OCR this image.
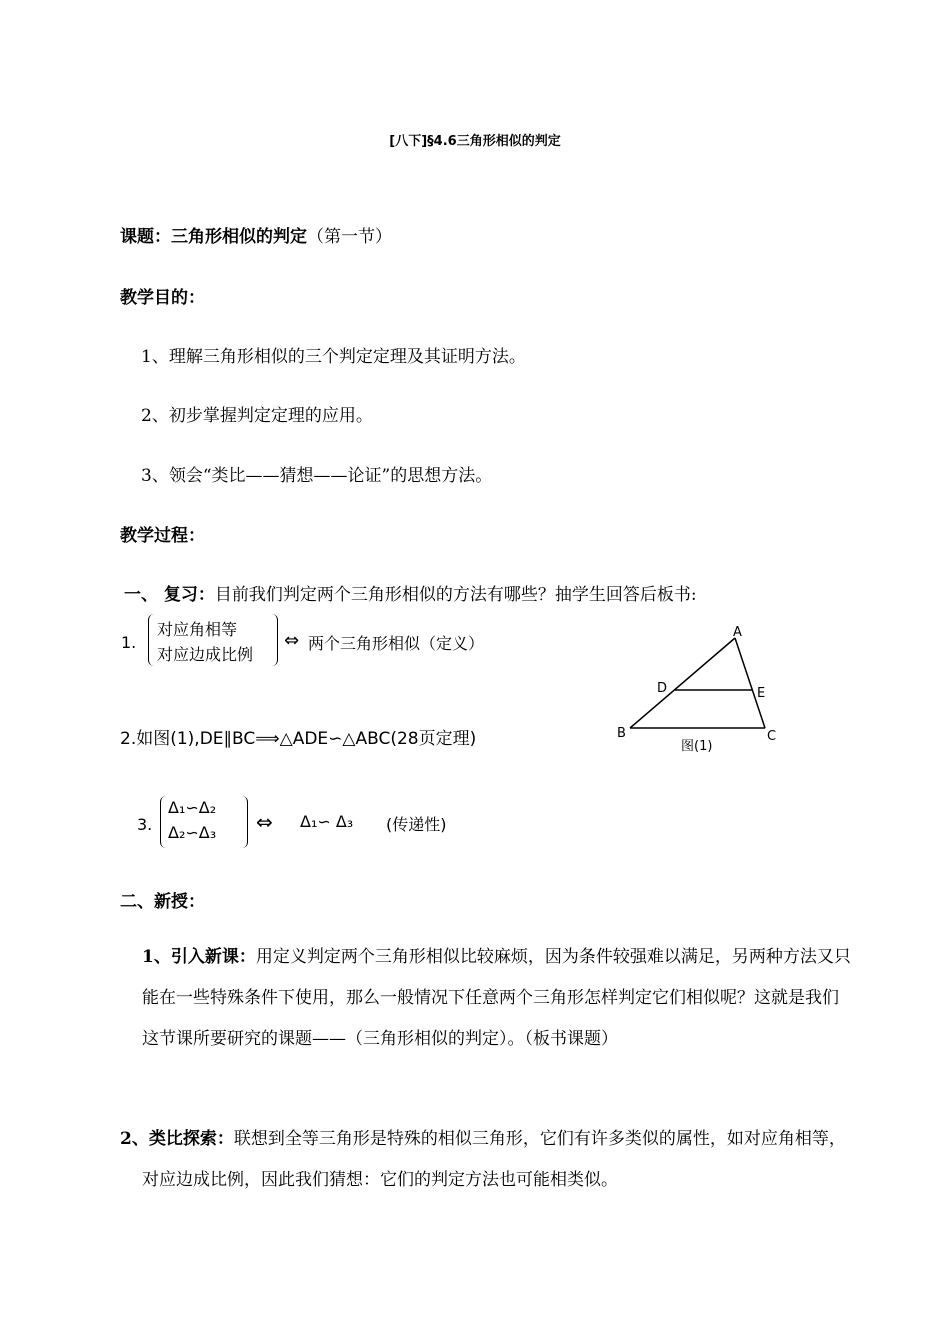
[八下]§4.6三角形相似的判定
课题：三角形相似的判定（第一节）
教学目的：
1、理解三角形相似的三个判定定理及其证明方法。
2、初步掌握判定定理的应用。
3、领会“类比——猜想——论证”的思想方法。
教学过程：
一、 复习：目前我们判定两个三角形相似的方法有哪些？抽学生回答后板书:
1.
对应角相等
对应边成比例
⇔ 两个三角形相似（定义）
2.如图(1),DE∥BC⟹△ADE∽△ABC(28页定理)
3.
Δ₁∽Δ₂
Δ₂∽Δ₃ ⇔ Δ₁∽ Δ₃ (传递性)
A
B	C
D	E
图(1)
二、新授：
1、引入新课：用定义判定两个三角形相似比较麻烦，因为条件较强难以满足，另两种方法又只能在一些特殊条件下使用，那么一般情况下任意两个三角形怎样判定它们相似呢？这就是我们这节课所要研究的课题——（三角形相似的判定）。（板书课题）
2、类比探索：联想到全等三角形是特殊的相似三角形，它们有许多类似的属性，如对应角相等，对应边成比例，因此我们猜想：它们的判定方法也可能相类似。
